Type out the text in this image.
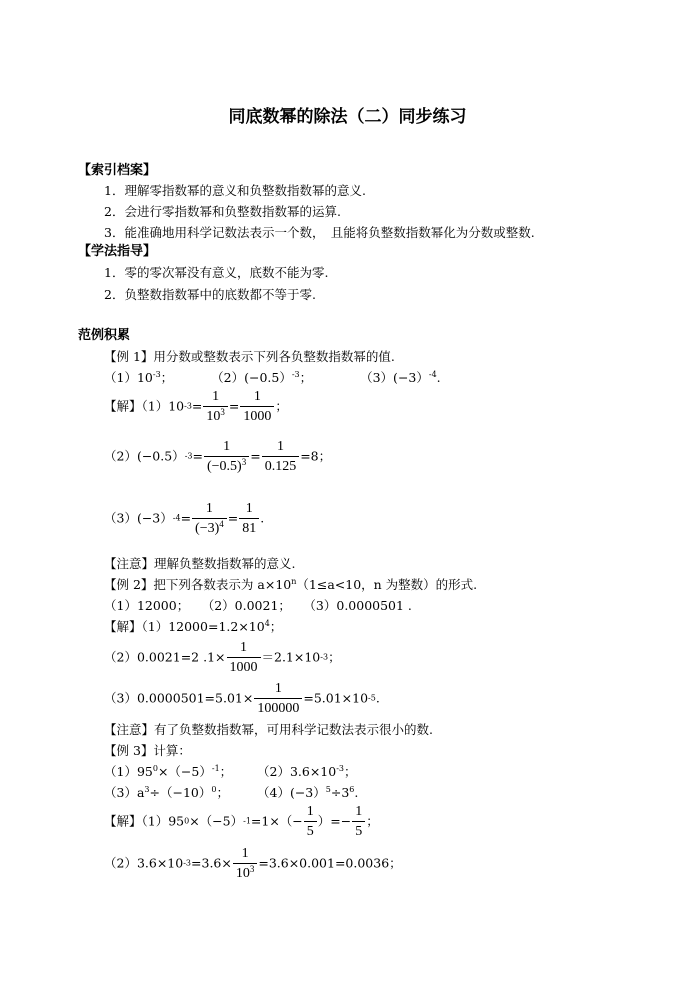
同底数幂的除法（二）同步练习
【索引档案】
1．理解零指数幂的意义和负整数指数幂的意义.
2．会进行零指数幂和负整数指数幂的运算.
3．能准确地用科学记数法表示一个数，　且能将负整数指数幂化为分数或整数.
【学法指导】
1．零的零次幂没有意义，底数不能为零.
2．负整数指数幂中的底数都不等于零.
范例积累
【例 1】用分数或整数表示下列各负整数指数幂的值.
$(1)10^{-3}$；	（2）(−0.5）$^{-3}$；	（3）(−3）$^{-4}$.
【解】$(1)10-3= \frac{1}{10^3} = \frac{1}{1000}$ ；
$(2)(-0.5)-3= \frac{1}{(-0.5)^3} = \frac{1}{0.125} =8$；
$(3)(-3)-4= \frac{1}{(-3)^4} = \frac{1}{81}$ .
【注意】理解负整数指数幂的意义.
【例 2】把下列各数表示为 $a\times 10^n(1\le a<10$，n 为整数）的形式.
（1）12000；　　（2）0.0021；　　（3）0.0000501 .
【解】$(1)12000=1.2\times 10^4$；
（2）0.0021=2 $.1\times \frac{1}{1000} =2.1\times 10-3$；
$(3)0.0000501=5.01\times \frac{1}{100000} =5.01\times 10-5$.
【注意】有了负整数指数幂，可用科学记数法表示很小的数.
【例 3】计算：
$(1)95^0\times(-5)^{-1}$； $(2)3.6\times 10^{-3}$；
$(3)a^3\div(-10)^0$； $(4)(-3)^5\div 3^6$.
【解】$(1)950\times(-5)-1=1\times(- \frac{1}{5}$ ）=− $\frac{1}{5}$ ；
$(2)3.6\times 10-3=3.6\times \frac{1}{10^3} =3.6\times 0.001=0.0036$；
